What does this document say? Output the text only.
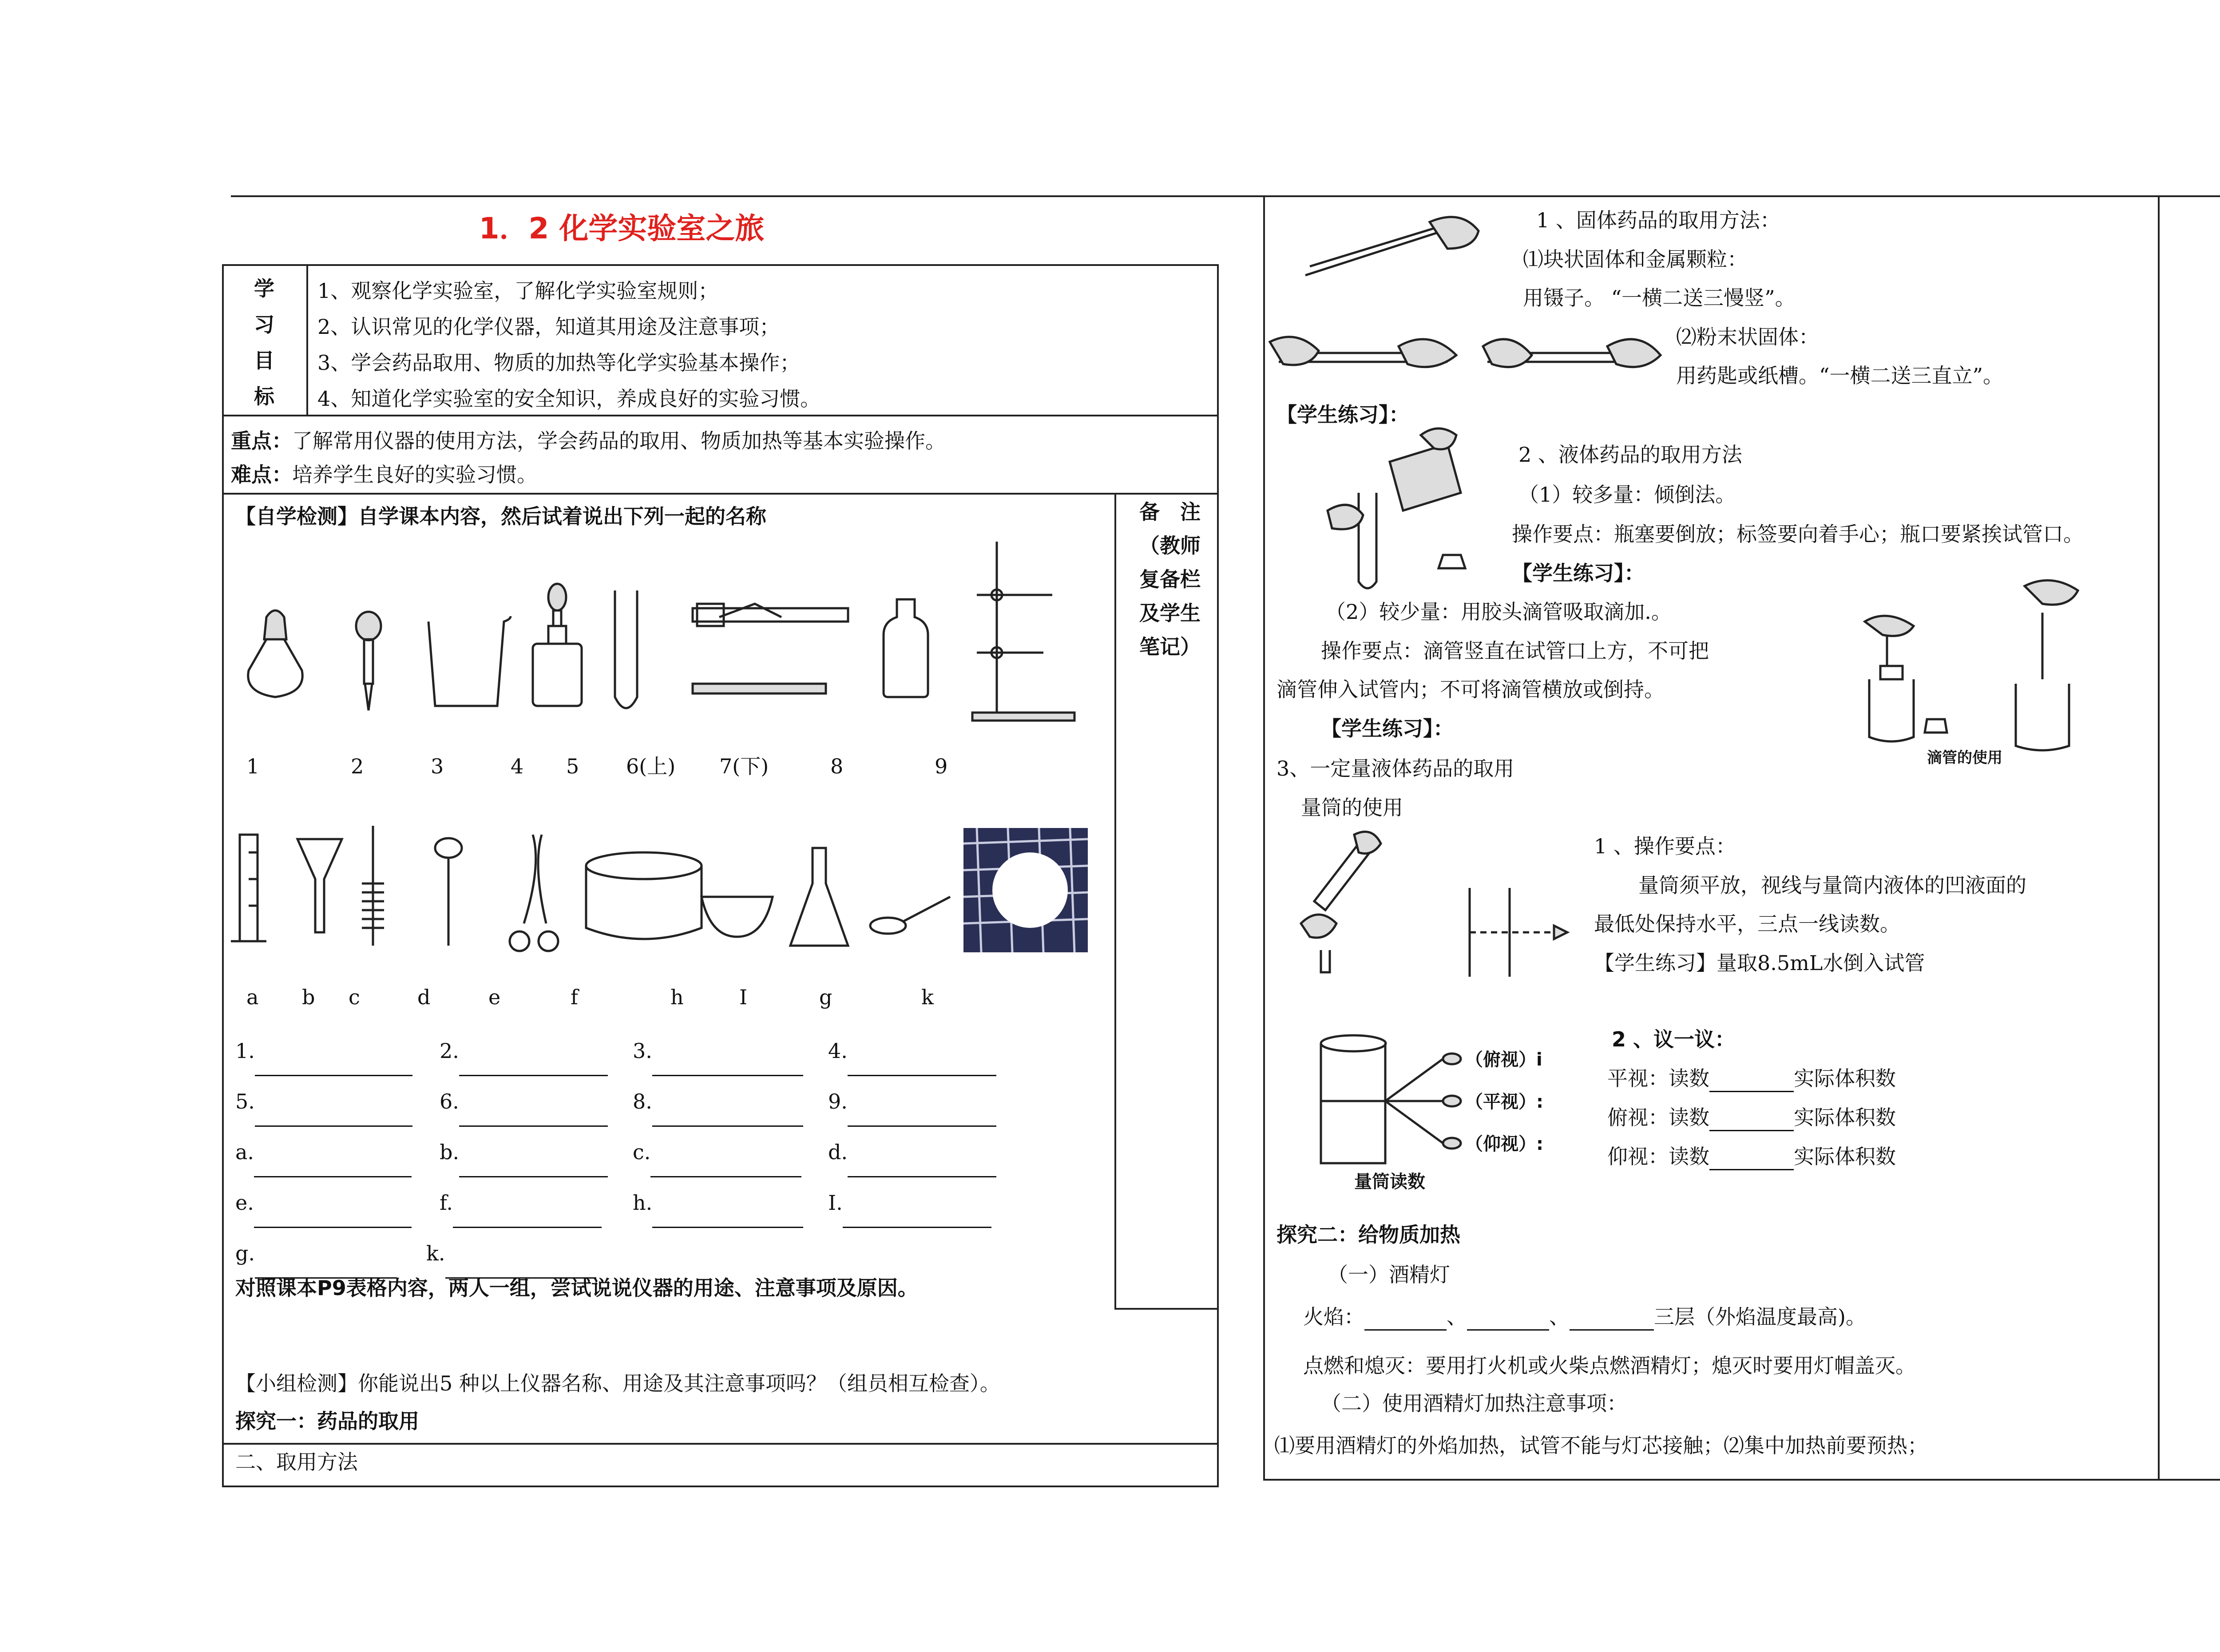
1．2 化学实验室之旅
学
习
目
标
1、观察化学实验室，了解化学实验室规则；
2、认识常见的化学仪器，知道其用途及注意事项；
3、学会药品取用、物质的加热等化学实验基本操作；
4、知道化学实验室的安全知识，养成良好的实验习惯。
重点：了解常用仪器的使用方法，学会药品的取用、物质加热等基本实验操作。
难点：培养学生良好的实验习惯。
备　注
（教师
复备栏
及学生
笔记）
【自学检测】自学课本内容，然后试着说出下列一起的名称
1	2	3	4 5 6(上) 7(下)	8	9
a b c	d	e	f	h	I	g	k
1.	2.	3.	4.
5.	6.	8.	9.
a.	b.	c.	d.
e.	f.	h.	I.
g.	k.
对照课本P9表格内容，两人一组，尝试说说仪器的用途、注意事项及原因。
【小组检测】你能说出5 种以上仪器名称、用途及其注意事项吗？（组员相互检查）。
探究一：药品的取用
二、取用方法
1 、固体药品的取用方法：
⑴块状固体和金属颗粒：
用镊子。 “一横二送三慢竖”。
⑵粉末状固体：
用药匙或纸槽。“一横二送三直立”。
【学生练习】：
2 、液体药品的取用方法
（1）较多量：倾倒法。
操作要点：瓶塞要倒放；标签要向着手心；瓶口要紧挨试管口。
【学生练习】：
（2）较少量：用胶头滴管吸取滴加.。
操作要点：滴管竖直在试管口上方，不可把
滴管伸入试管内；不可将滴管横放或倒持。
【学生练习】：
3、一定量液体药品的取用
量筒的使用
1 、操作要点：
量筒须平放，视线与量筒内液体的凹液面的
最低处保持水平，三点一线读数。
【学生练习】量取8.5mL水倒入试管
2 、议一议：
平视：读数	实际体积数
俯视：读数	实际体积数
仰视：读数	实际体积数
探究二：给物质加热
（一）酒精灯
火焰：	、	、	三层（外焰温度最高)。
点燃和熄灭：要用打火机或火柴点燃酒精灯；熄灭时要用灯帽盖灭。
（二）使用酒精灯加热注意事项：
⑴要用酒精灯的外焰加热，试管不能与灯芯接触；⑵集中加热前要预热；
滴管的使用
（俯视）i
（平视）:
（仰视）:
量筒读数
